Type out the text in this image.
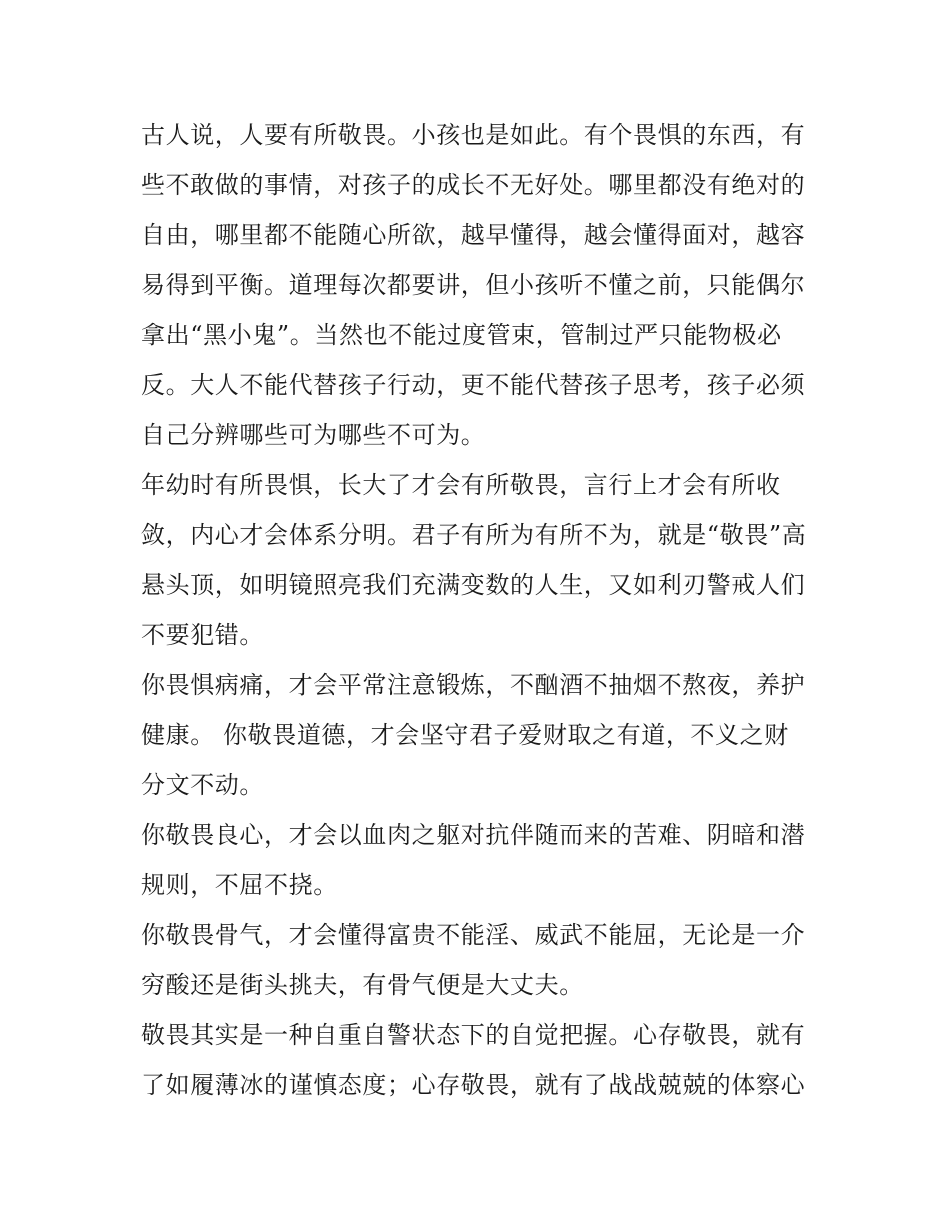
古人说，人要有所敬畏。小孩也是如此。有个畏惧的东西，有
些不敢做的事情，对孩子的成长不无好处。哪里都没有绝对的
自由，哪里都不能随心所欲，越早懂得，越会懂得面对，越容
易得到平衡。道理每次都要讲，但小孩听不懂之前，只能偶尔
拿出“黑小鬼”。当然也不能过度管束，管制过严只能物极必
反。大人不能代替孩子行动，更不能代替孩子思考，孩子必须
自己分辨哪些可为哪些不可为。
年幼时有所畏惧，长大了才会有所敬畏，言行上才会有所收
敛，内心才会体系分明。君子有所为有所不为，就是“敬畏”高
悬头顶，如明镜照亮我们充满变数的人生，又如利刃警戒人们
不要犯错。
你畏惧病痛，才会平常注意锻炼，不酗酒不抽烟不熬夜，养护
健康。 你敬畏道德，才会坚守君子爱财取之有道，不义之财
分文不动。
你敬畏良心，才会以血肉之躯对抗伴随而来的苦难、阴暗和潜
规则，不屈不挠。
你敬畏骨气，才会懂得富贵不能淫、威武不能屈，无论是一介
穷酸还是街头挑夫，有骨气便是大丈夫。
敬畏其实是一种自重自警状态下的自觉把握。心存敬畏，就有
了如履薄冰的谨慎态度；心存敬畏，就有了战战兢兢的体察心
